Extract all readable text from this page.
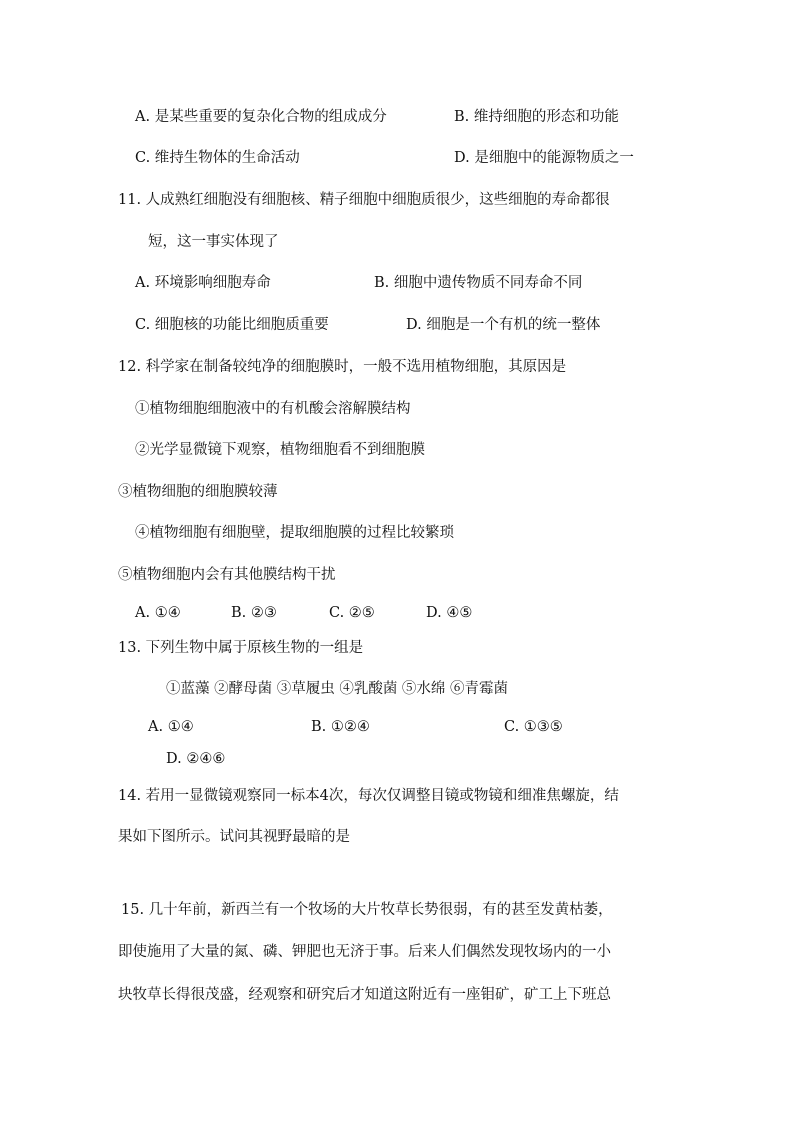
A. 是某些重要的复杂化合物的组成成分	B. 维持细胞的形态和功能
C. 维持生物体的生命活动	D. 是细胞中的能源物质之一
11. 人成熟红细胞没有细胞核、精子细胞中细胞质很少，这些细胞的寿命都很
短，这一事实体现了
A. 环境影响细胞寿命	B. 细胞中遗传物质不同寿命不同
C. 细胞核的功能比细胞质重要	D. 细胞是一个有机的统一整体
12. 科学家在制备较纯净的细胞膜时，一般不选用植物细胞，其原因是
①植物细胞细胞液中的有机酸会溶解膜结构
②光学显微镜下观察，植物细胞看不到细胞膜
③植物细胞的细胞膜较薄
④植物细胞有细胞壁，提取细胞膜的过程比较繁琐
⑤植物细胞内会有其他膜结构干扰
A. ①④	B. ②③	C. ②⑤	D. ④⑤
13. 下列生物中属于原核生物的一组是
①蓝藻 ②酵母菌 ③草履虫 ④乳酸菌 ⑤水绵 ⑥青霉菌
A. ①④	B. ①②④	C. ①③⑤
D. ②④⑥
14. 若用一显微镜观察同一标本4次，每次仅调整目镜或物镜和细准焦螺旋，结
果如下图所示。试问其视野最暗的是
15. 几十年前，新西兰有一个牧场的大片牧草长势很弱，有的甚至发黄枯萎，
即使施用了大量的氮、磷、钾肥也无济于事。后来人们偶然发现牧场内的一小
块牧草长得很茂盛，经观察和研究后才知道这附近有一座钼矿，矿工上下班总
